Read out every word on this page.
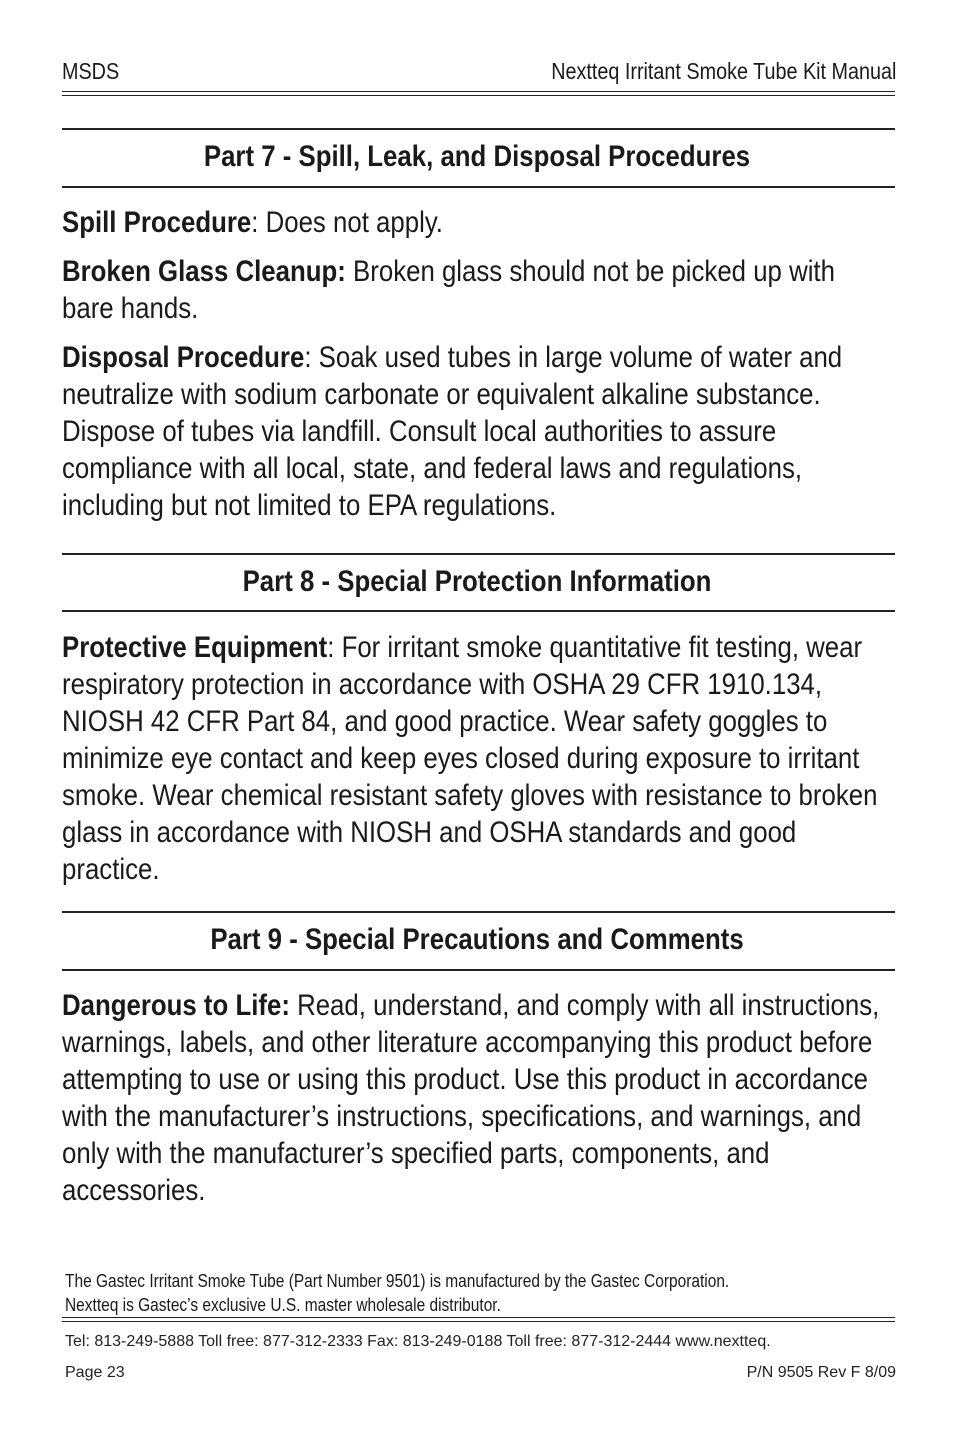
MSDS	Nextteq Irritant Smoke Tube Kit Manual
Part 7 - Spill, Leak, and Disposal Procedures
Spill Procedure: Does not apply.
Broken Glass Cleanup: Broken glass should not be picked up with bare hands.
Disposal Procedure: Soak used tubes in large volume of water and neutralize with sodium carbonate or equivalent alkaline substance. Dispose of tubes via landfill. Consult local authorities to assure compliance with all local, state, and federal laws and regulations, including but not limited to EPA regulations.
Part 8 - Special Protection Information
Protective Equipment: For irritant smoke quantitative fit testing, wear respiratory protection in accordance with OSHA 29 CFR 1910.134, NIOSH 42 CFR Part 84, and good practice. Wear safety goggles to minimize eye contact and keep eyes closed during exposure to irritant smoke. Wear chemical resistant safety gloves with resistance to broken glass in accordance with NIOSH and OSHA standards and good practice.
Part 9 - Special Precautions and Comments
Dangerous to Life: Read, understand, and comply with all instructions, warnings, labels, and other literature accompanying this product before attempting to use or using this product. Use this product in accordance with the manufacturer’s instructions, specifications, and warnings, and only with the manufacturer’s specified parts, components, and accessories.
The Gastec Irritant Smoke Tube (Part Number 9501) is manufactured by the Gastec Corporation.
Nextteq is Gastec’s exclusive U.S. master wholesale distributor.
Tel: 813-249-5888 Toll free: 877-312-2333 Fax: 813-249-0188 Toll free: 877-312-2444 www.nextteq.
Page 23	P/N 9505 Rev F 8/09
